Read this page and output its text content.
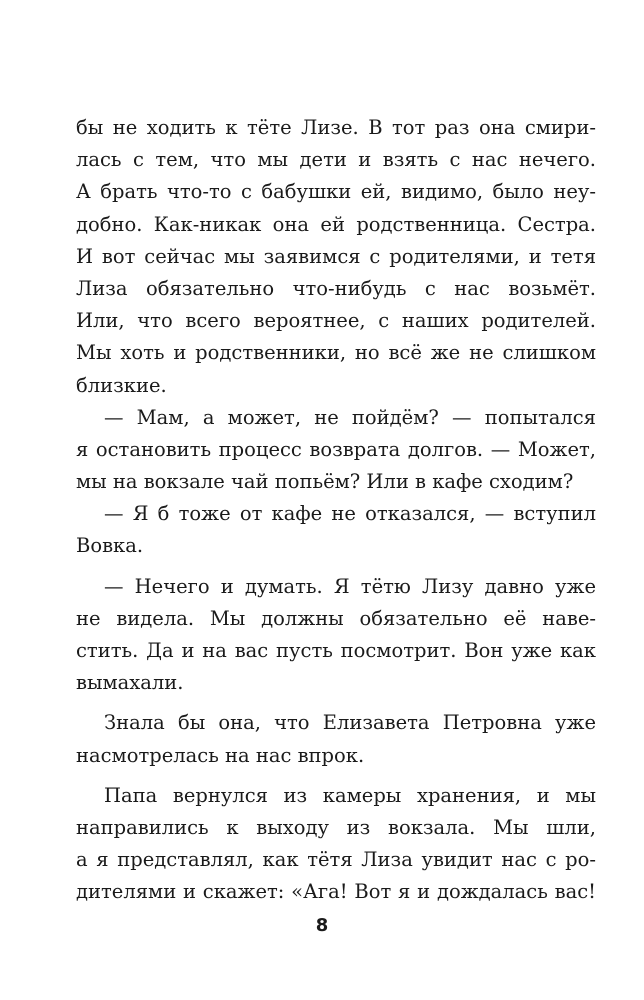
бы не ходить к тёте Лизе. В тот раз она смири-
лась с тем, что мы дети и взять с нас нечего.
А брать что-то с бабушки ей, видимо, было неу-
добно. Как-никак она ей родственница. Сестра.
И вот сейчас мы заявимся с родителями, и тетя
Лиза обязательно что-нибудь с нас возьмёт.
Или, что всего вероятнее, с наших родителей.
Мы хоть и родственники, но всё же не слишком
близкие.
— Мам, а может, не пойдём? — попытался
я остановить процесс возврата долгов. — Может,
мы на вокзале чай попьём? Или в кафе сходим?
— Я б тоже от кафе не отказался, — вступил
Вовка.
— Нечего и думать. Я тётю Лизу давно уже
не видела. Мы должны обязательно её наве-
стить. Да и на вас пусть посмотрит. Вон уже как
вымахали.
Знала бы она, что Елизавета Петровна уже
насмотрелась на нас впрок.
Папа вернулся из камеры хранения, и мы
направились к выходу из вокзала. Мы шли,
а я представлял, как тётя Лиза увидит нас с ро-
дителями и скажет: «Ага! Вот я и дождалась вас!
8
